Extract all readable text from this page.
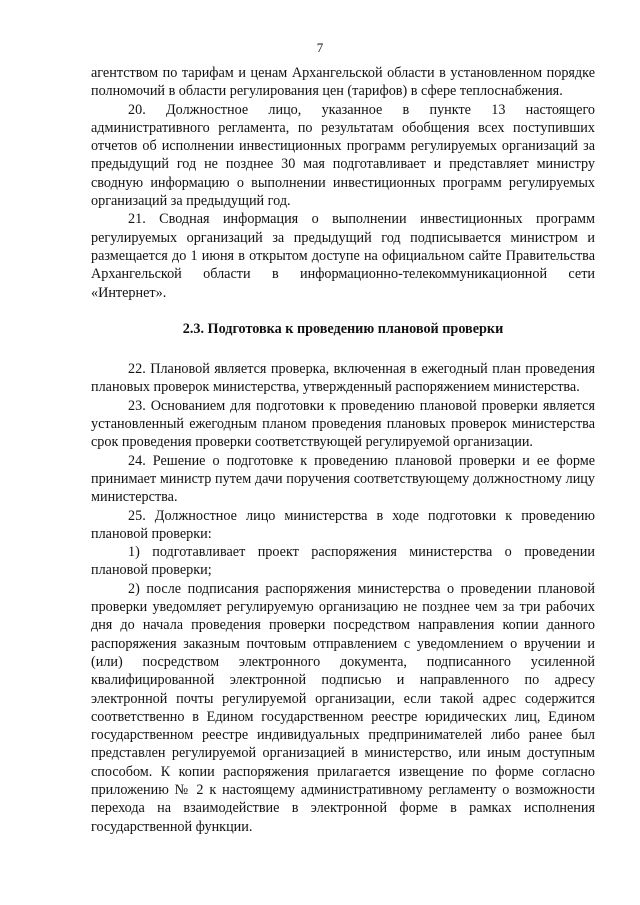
7

агентством по тарифам и ценам Архангельской области в установленном порядке полномочий в области регулирования цен (тарифов) в сфере теплоснабжения.

20. Должностное лицо, указанное в пункте 13 настоящего административного регламента, по результатам обобщения всех поступивших отчетов об исполнении инвестиционных программ регулируемых организаций за предыдущий год не позднее 30 мая подготавливает и представляет министру сводную информацию о выполнении инвестиционных программ регулируемых организаций за предыдущий год.

21. Сводная информация о выполнении инвестиционных программ регулируемых организаций за предыдущий год подписывается министром и размещается до 1 июня в открытом доступе на официальном сайте Правительства Архангельской области в информационно-телекоммуникационной сети «Интернет».

2.3. Подготовка к проведению плановой проверки

22. Плановой является проверка, включенная в ежегодный план проведения плановых проверок министерства, утвержденный распоряжением министерства.

23. Основанием для подготовки к проведению плановой проверки является установленный ежегодным планом проведения плановых проверок министерства срок проведения проверки соответствующей регулируемой организации.

24. Решение о подготовке к проведению плановой проверки и ее форме принимает министр путем дачи поручения соответствующему должностному лицу министерства.

25. Должностное лицо министерства в ходе подготовки к проведению плановой проверки:

1) подготавливает проект распоряжения министерства о проведении плановой проверки;

2) после подписания распоряжения министерства о проведении плановой проверки уведомляет регулируемую организацию не позднее чем за три рабочих дня до начала проведения проверки посредством направления копии данного распоряжения заказным почтовым отправлением с уведомлением о вручении и (или) посредством электронного документа, подписанного усиленной квалифицированной электронной подписью и направленного по адресу электронной почты регулируемой организации, если такой адрес содержится соответственно в Едином государственном реестре юридических лиц, Едином государственном реестре индивидуальных предпринимателей либо ранее был представлен регулируемой организацией в министерство, или иным доступным способом. К копии распоряжения прилагается извещение по форме согласно приложению № 2 к настоящему административному регламенту о возможности перехода на взаимодействие в электронной форме в рамках исполнения государственной функции.
